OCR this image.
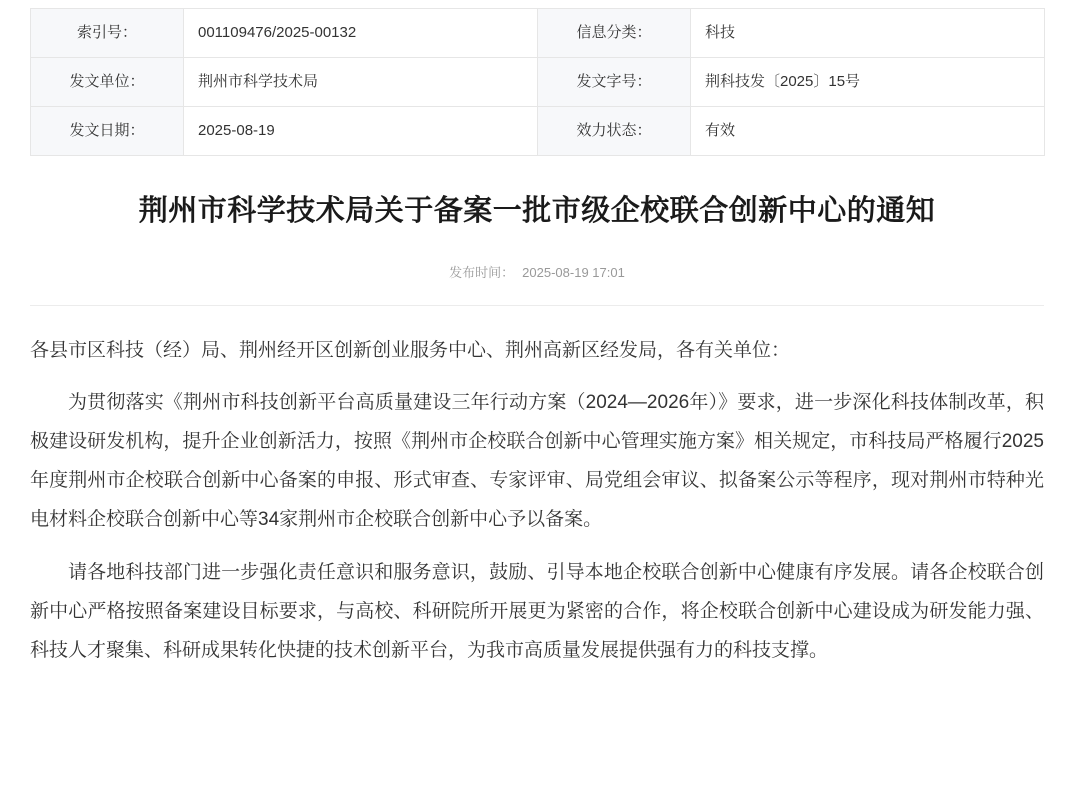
索引号：	001109476/2025-00132	信息分类：	科技
发文单位：	荆州市科学技术局	发文字号：	荆科技发〔2025〕15号
发文日期：	2025-08-19	效力状态：	有效
荆州市科学技术局关于备案一批市级企校联合创新中心的通知
发布时间： 2025-08-19 17:01

各县市区科技（经）局、荆州经开区创新创业服务中心、荆州高新区经发局，各有关单位：

为贯彻落实《荆州市科技创新平台高质量建设三年行动方案（2024—2026年）》要求，进一步深化科技体制改革，积极建设研发机构，提升企业创新活力，按照《荆州市企校联合创新中心管理实施方案》相关规定，市科技局严格履行2025年度荆州市企校联合创新中心备案的申报、形式审查、专家评审、局党组会审议、拟备案公示等程序，现对荆州市特种光电材料企校联合创新中心等34家荆州市企校联合创新中心予以备案。

请各地科技部门进一步强化责任意识和服务意识，鼓励、引导本地企校联合创新中心健康有序发展。请各企校联合创新中心严格按照备案建设目标要求，与高校、科研院所开展更为紧密的合作，将企校联合创新中心建设成为研发能力强、科技人才聚集、科研成果转化快捷的技术创新平台，为我市高质量发展提供强有力的科技支撑。
